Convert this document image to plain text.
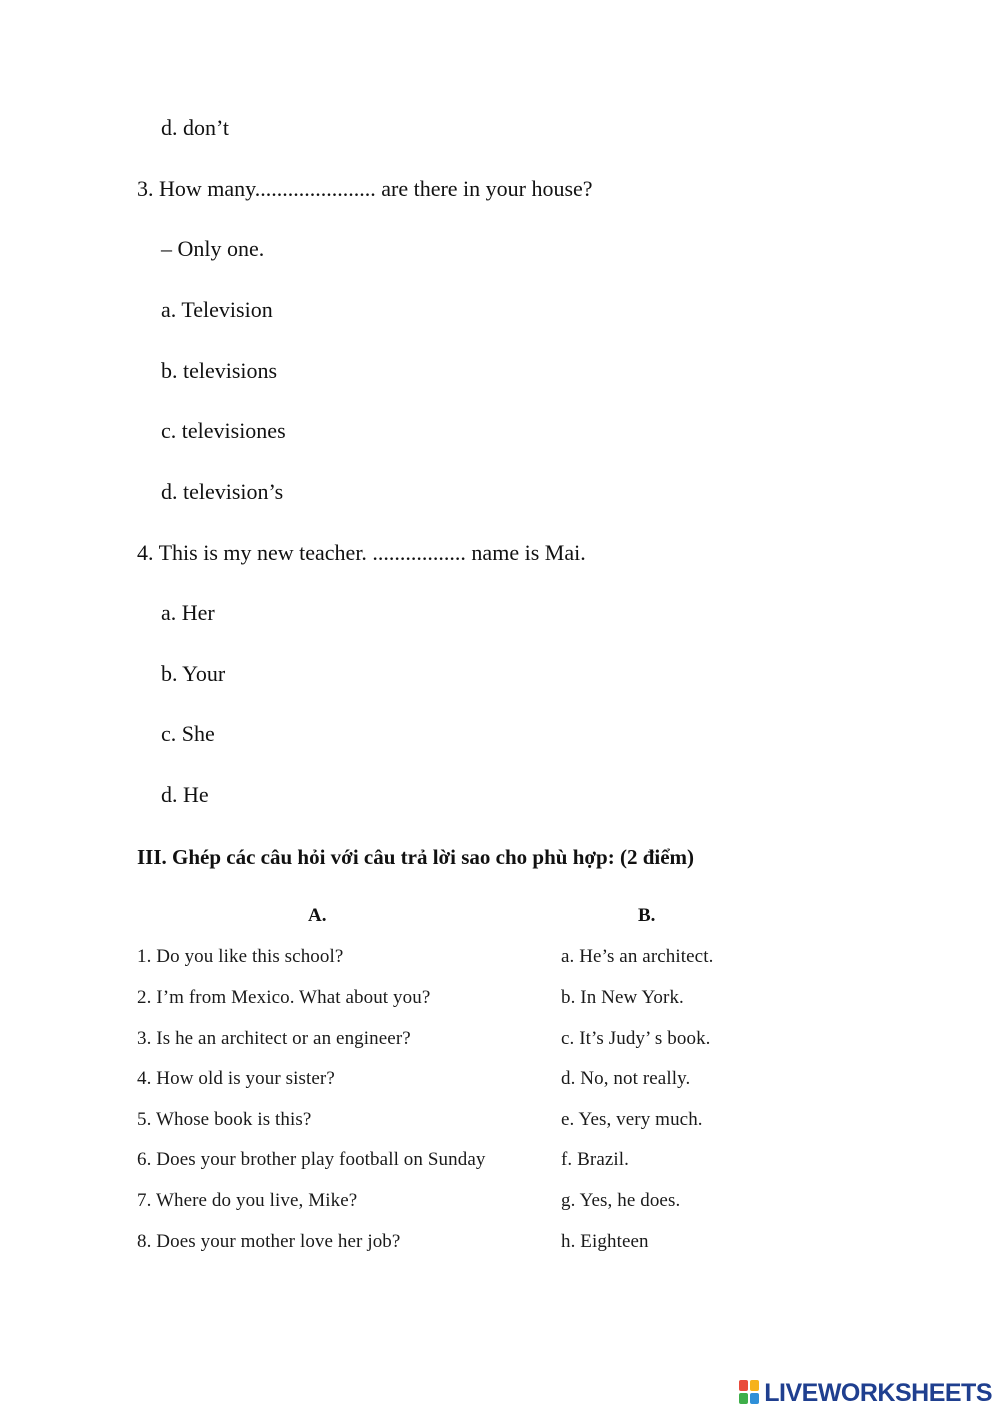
d. don’t
3. How many...................... are there in your house?
– Only one.
a. Television
b. televisions
c. televisiones
d. television’s
4. This is my new teacher. ................. name is Mai.
a. Her
b. Your
c. She
d. He
III. Ghép các câu hỏi với câu trả lời sao cho phù hợp: (2 điểm)
A.	B.
1. Do you like this school?
2. I’m from Mexico. What about you?
3. Is he an architect or an engineer?
4. How old is your sister?
5. Whose book is this?
6. Does your brother play football on Sunday
7. Where do you live, Mike?
8. Does your mother love her job?
a. He’s an architect.
b. In New York.
c. It’s Judy’ s book.
d. No, not really.
e. Yes, very much.
f. Brazil.
g. Yes, he does.
h. Eighteen
LIVEWORKSHEETS
